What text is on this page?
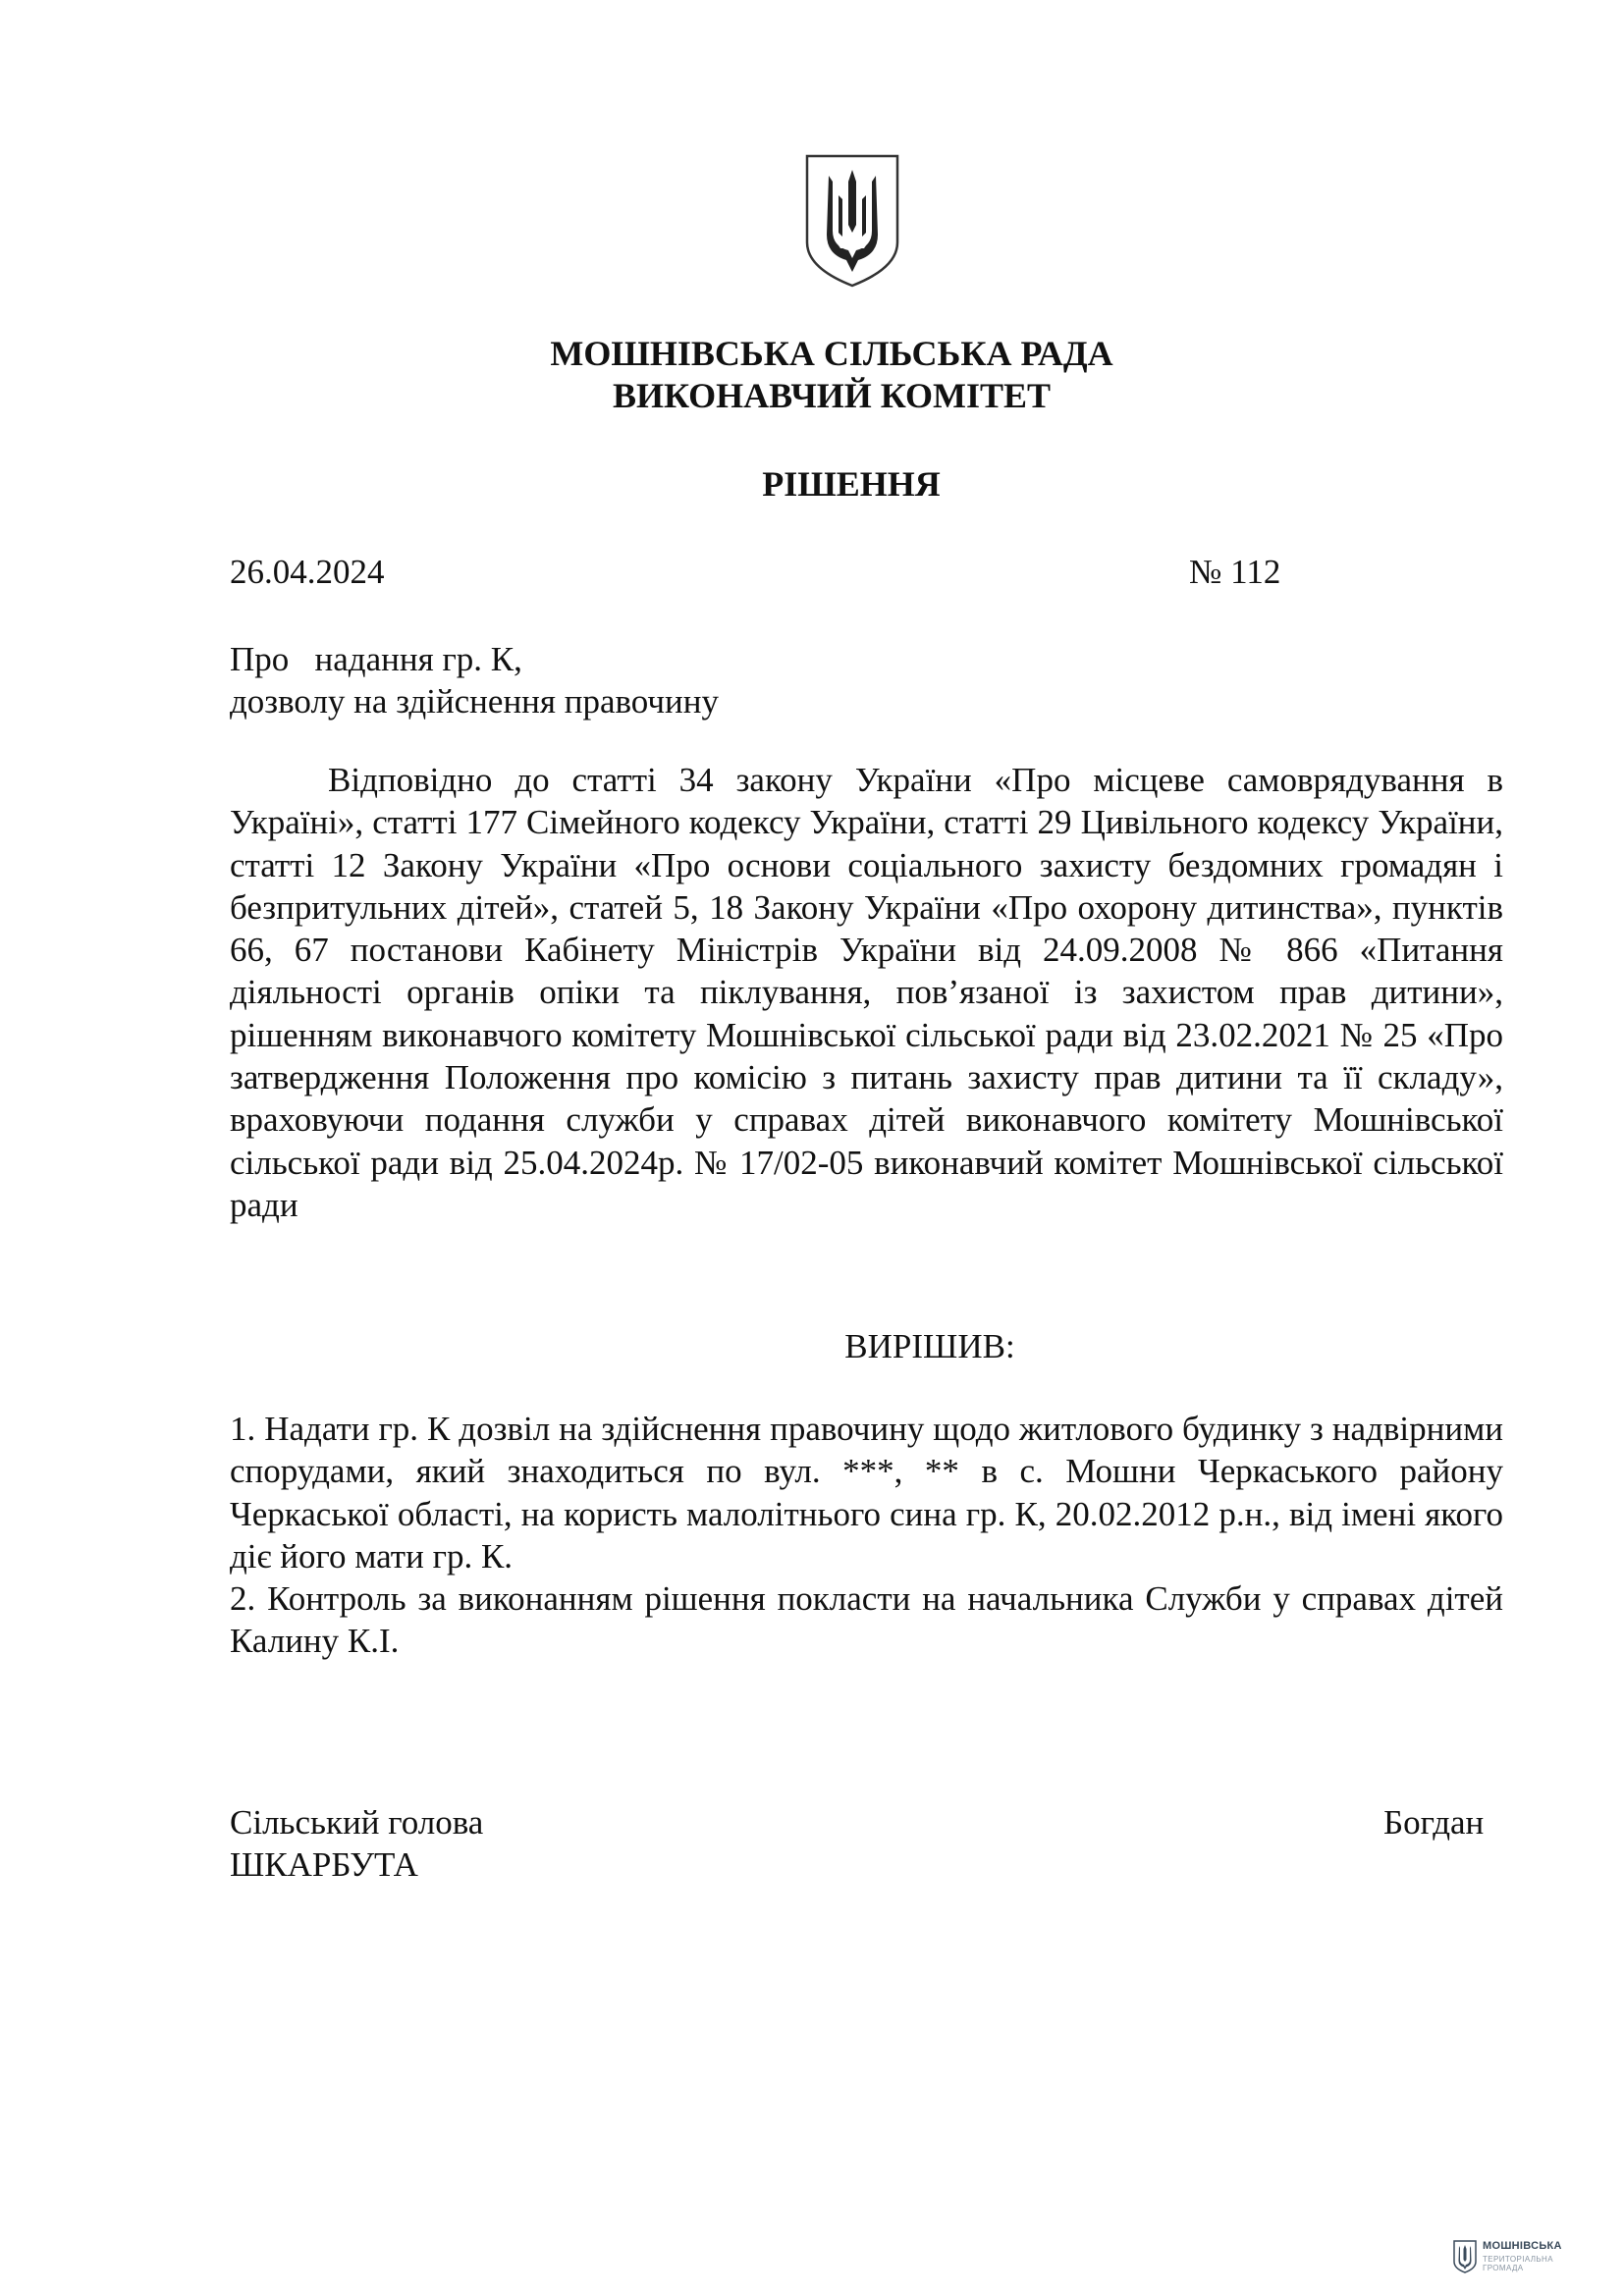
МОШНІВСЬКА СІЛЬСЬКА РАДА
ВИКОНАВЧИЙ КОМІТЕТ
РІШЕННЯ
26.04.2024	№ 112
Про   надання гр. К,
дозволу на здійснення правочину

Відповідно до статті 34 закону України «Про місцеве самоврядування в Україні», статті 177 Сімейного кодексу України, статті 29 Цивільного кодексу України, статті 12 Закону України «Про основи соціального захисту бездомних громадян і безпритульних дітей», статей 5, 18 Закону України «Про охорону дитинства», пунктів 66, 67 постанови Кабінету Міністрів України від 24.09.2008 № 866 «Питання діяльності органів опіки та піклування, пов’язаної із захистом прав дитини», рішенням виконавчого комітету Мошнівської сільської ради від 23.02.2021 № 25 «Про затвердження Положення про комісію з питань захисту прав дитини та її складу», враховуючи подання служби у справах дітей виконавчого комітету Мошнівської сільської ради від 25.04.2024р. № 17/02-05 виконавчий комітет Мошнівської сільської ради

ВИРІШИВ:

1. Надати гр. К дозвіл на здійснення правочину щодо житлового будинку з надвірними спорудами, який знаходиться по вул. ***, ** в с. Мошни Черкаського району Черкаської області, на користь малолітнього сина гр. К, 20.02.2012 р.н., від імені якого діє його мати гр. К.

2. Контроль за виконанням рішення покласти на начальника Служби у справах дітей Калину К.І.

Сільський голова
ШКАРБУТА
Богдан
МОШНІВСЬКА
ТЕРИТОРІАЛЬНА
ГРОМАДА
